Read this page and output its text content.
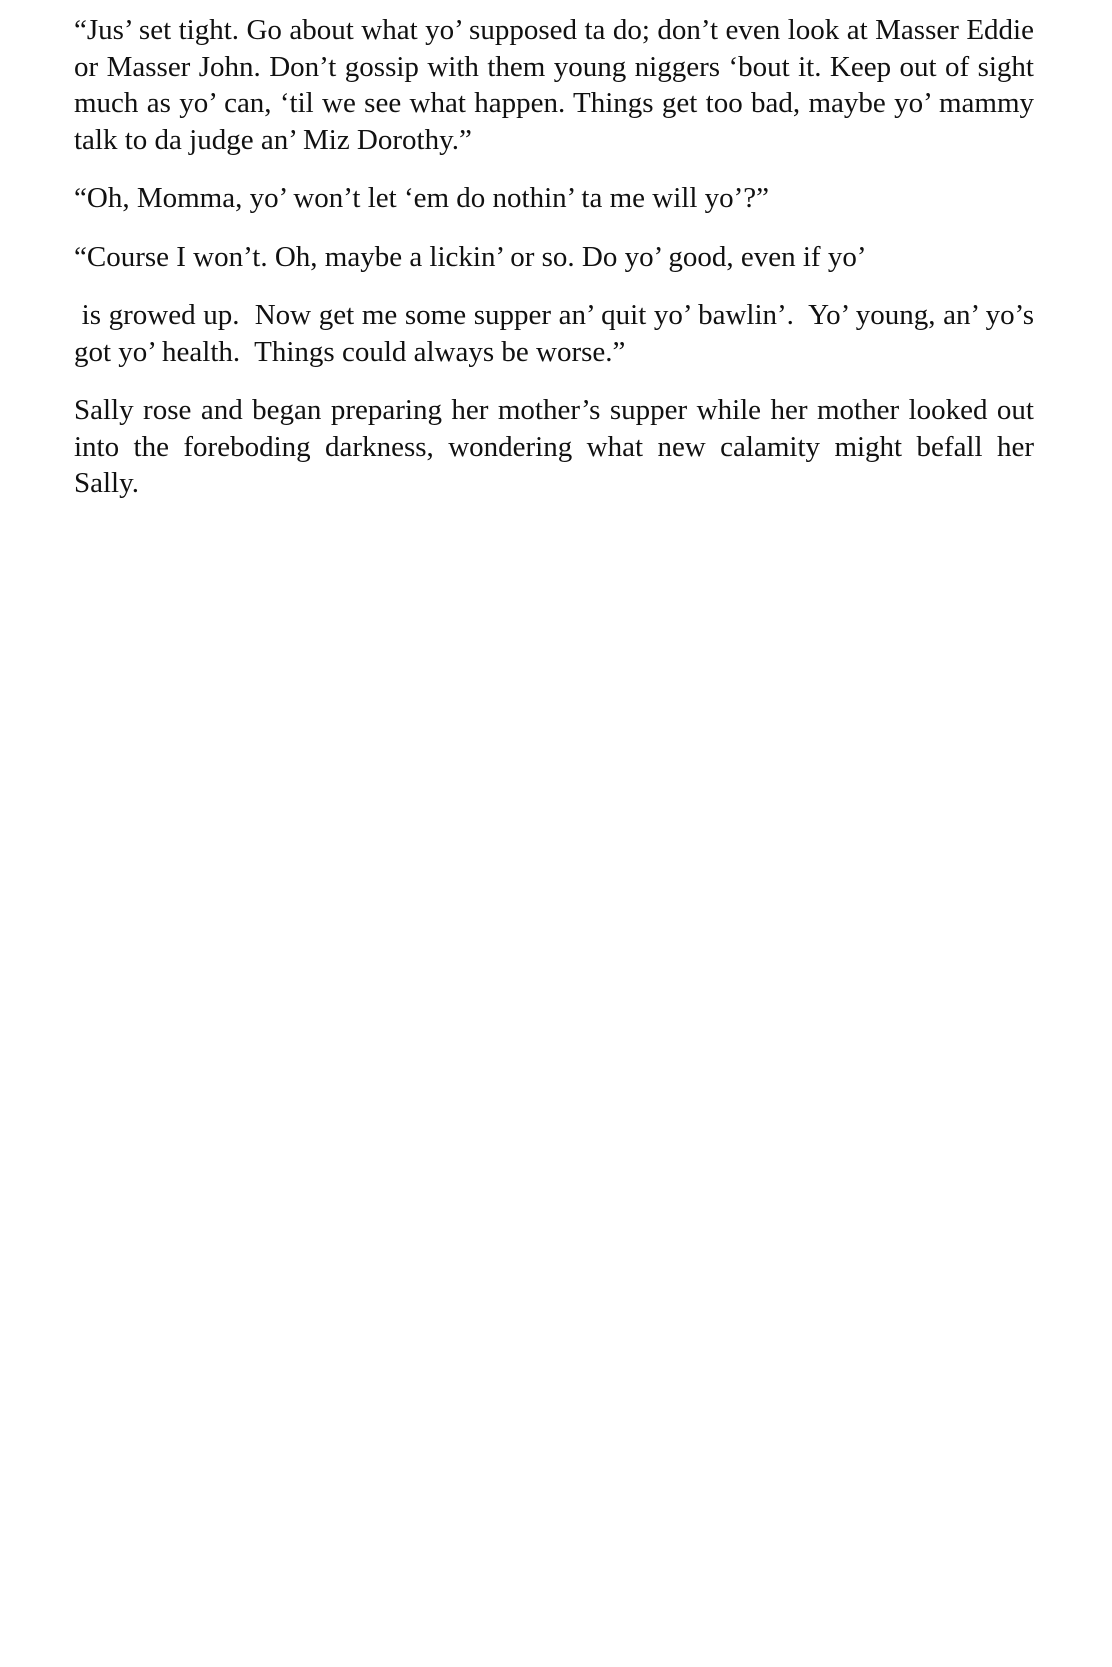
“Jus’ set tight. Go about what yo’ supposed ta do; don’t even look at Masser Eddie or Masser John. Don’t gossip with them young niggers ‘bout it. Keep out of sight much as yo’ can, ‘til we see what happen. Things get too bad, maybe yo’ mammy talk to da judge an’ Miz Dorothy.”

“Oh, Momma, yo’ won’t let ‘em do nothin’ ta me will yo’?”

“Course I won’t. Oh, maybe a lickin’ or so. Do yo’ good, even if yo’

is growed up.  Now get me some supper an’ quit yo’ bawlin’.  Yo’ young, an’ yo’s got yo’ health.  Things could always be worse.”

Sally rose and began preparing her mother’s supper while her mother looked out into the foreboding darkness, wondering what new calamity might befall her Sally.
